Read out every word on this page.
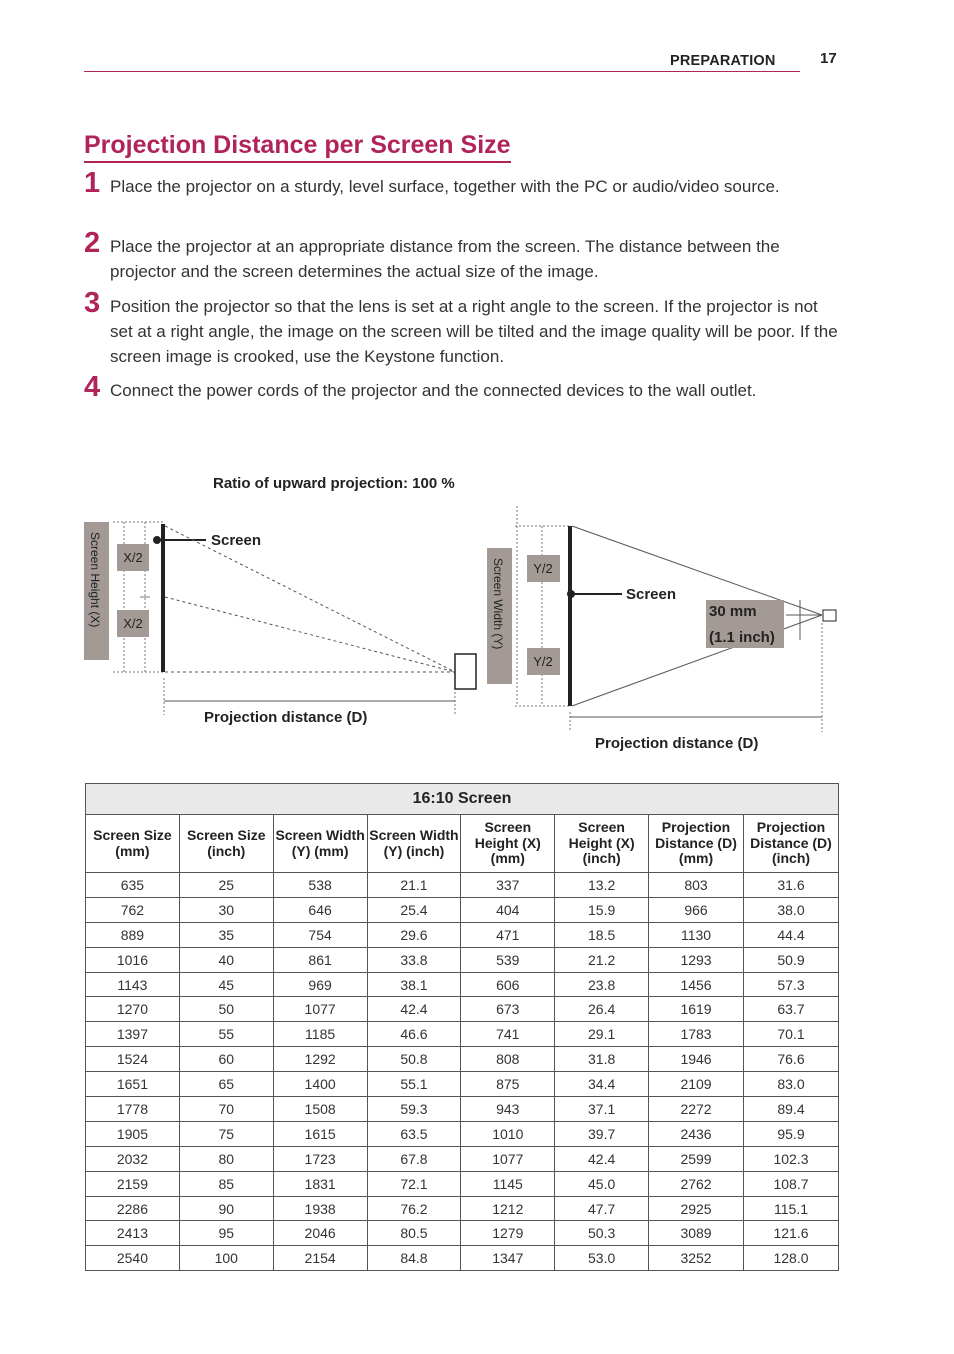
PREPARATION	17
Projection Distance per Screen Size
1 Place the projector on a sturdy, level surface, together with the PC or audio/video source.

2 Place the projector at an appropriate distance from the screen. The distance between the projector and the screen determines the actual size of the image.

3 Position the projector so that the lens is set at a right angle to the screen. If the projector is not set at a right angle, the image on the screen will be tilted and the image quality will be poor. If the screen image is crooked, use the Keystone function.

4 Connect the power cords of the projector and the connected devices to the wall outlet.

Ratio of upward projection: 100 %
Screen Height (X) X/2
X/2
Screen
Projection distance (D)
Screen Width (Y) Y/2
Y/2
Screen
30 mm
(1.1 inch)
Projection distance (D)
16:10 Screen							
Screen Size (mm)	Screen Size (inch)	Screen Width (Y) (mm)	Screen Width (Y) (inch)	Screen Height (X) (mm)	Screen Height (X) (inch)	Projection Distance (D) (mm)	Projection Distance (D) (inch)
635	25	538	21.1	337	13.2	803	31.6
762	30	646	25.4	404	15.9	966	38.0
889	35	754	29.6	471	18.5	1130	44.4
1016	40	861	33.8	539	21.2	1293	50.9
1143	45	969	38.1	606	23.8	1456	57.3
1270	50	1077	42.4	673	26.4	1619	63.7
1397	55	1185	46.6	741	29.1	1783	70.1
1524	60	1292	50.8	808	31.8	1946	76.6
1651	65	1400	55.1	875	34.4	2109	83.0
1778	70	1508	59.3	943	37.1	2272	89.4
1905	75	1615	63.5	1010	39.7	2436	95.9
2032	80	1723	67.8	1077	42.4	2599	102.3
2159	85	1831	72.1	1145	45.0	2762	108.7
2286	90	1938	76.2	1212	47.7	2925	115.1
2413	95	2046	80.5	1279	50.3	3089	121.6
2540	100	2154	84.8	1347	53.0	3252	128.0
